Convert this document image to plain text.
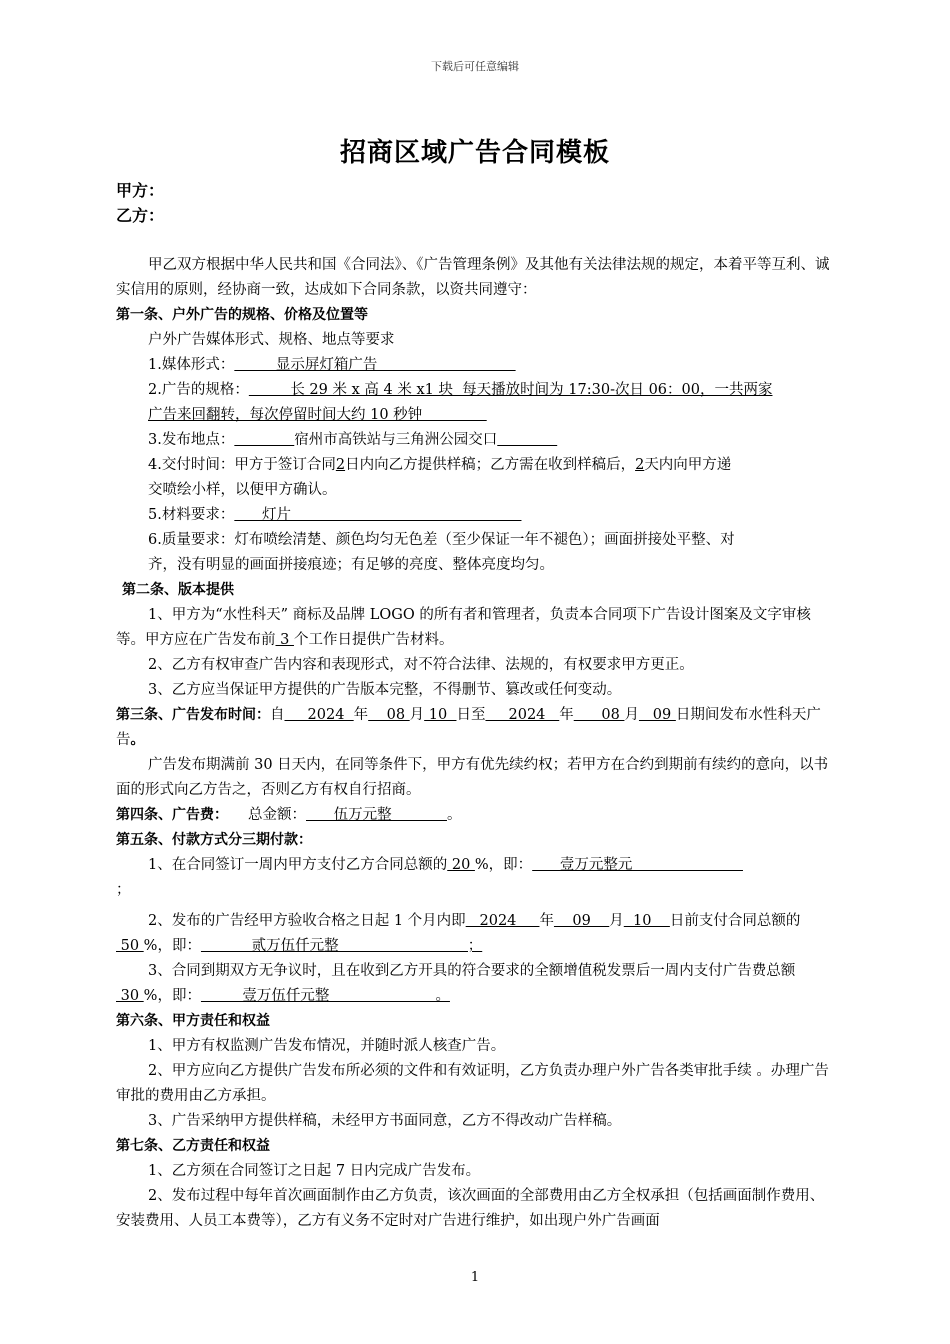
下载后可任意编辑
招商区域广告合同模板
甲方：
乙方：

甲乙双方根据中华人民共和国《合同法》、《广告管理条例》及其他有关法律法规的规定，本着平等互利、诚实信用的原则，经协商一致，达成如下合同条款，以资共同遵守：

第一条、户外广告的规格、价格及位置等

户外广告媒体形式、规格、地点等要求

1.媒体形式：         显示屏灯箱广告

2.广告的规格：         长 29 米 x 高 4 米 x1 块  每天播放时间为 17:30-次日 06：00，一共两家

广告来回翻转，每次停留时间大约 10 秒钟

3.发布地点：	宿州市高铁站与三角洲公园交口

4.交付时间：甲方于签订合同2日内向乙方提供样稿；乙方需在收到样稿后，2天内向甲方递

交喷绘小样，以便甲方确认。

5.材料要求：      灯片

6.质量要求：灯布喷绘清楚、颜色均匀无色差（至少保证一年不褪色）；画面拼接处平整、对

齐，没有明显的画面拼接痕迹；有足够的亮度、整体亮度均匀。

第二条、版本提供

1、甲方为“水性科天” 商标及品牌 LOGO 的所有者和管理者，负责本合同项下广告设计图案及文字审核等。甲方应在广告发布前 3 个工作日提供广告材料。

2、乙方有权审查广告内容和表现形式，对不符合法律、法规的，有权要求甲方更正。

3、乙方应当保证甲方提供的广告版本完整，不得删节、篡改或任何变动。

第三条、广告发布时间：自     2024  年    08 月 10  日至     2024   年      08 月   09 日期间发布水性科天广告。

广告发布期满前 30 日天内，在同等条件下，甲方有优先续约权；若甲方在合约到期前有续约的意向，以书面的形式向乙方告之，否则乙方有权自行招商。

第四条、广告费： 总金额：      伍万元整            。

第五条、付款方式分三期付款：

1、在合同签订一周内甲方支付乙方合同总额的 20 %，即：      壹万元整元

；

2、发布的广告经甲方验收合格之日起 1 个月内即   2024     年    09    月  10    日前支付合同总额的 50 %，即：           贰万伍仟元整                            ；

3、合同到期双方无争议时，且在收到乙方开具的符合要求的全额增值税发票后一周内支付广告费总额 30 %，即：         壹万伍仟元整                       。

第六条、甲方责任和权益

1、甲方有权监测广告发布情况，并随时派人核查广告。

2、甲方应向乙方提供广告发布所必须的文件和有效证明，乙方负责办理户外广告各类审批手续 。办理广告审批的费用由乙方承担。

3、广告采纳甲方提供样稿，未经甲方书面同意，乙方不得改动广告样稿。

第七条、乙方责任和权益

1、乙方须在合同签订之日起 7 日内完成广告发布。

2、发布过程中每年首次画面制作由乙方负责，该次画面的全部费用由乙方全权承担（包括画面制作费用、安装费用、人员工本费等），乙方有义务不定时对广告进行维护，如出现户外广告画面

1
